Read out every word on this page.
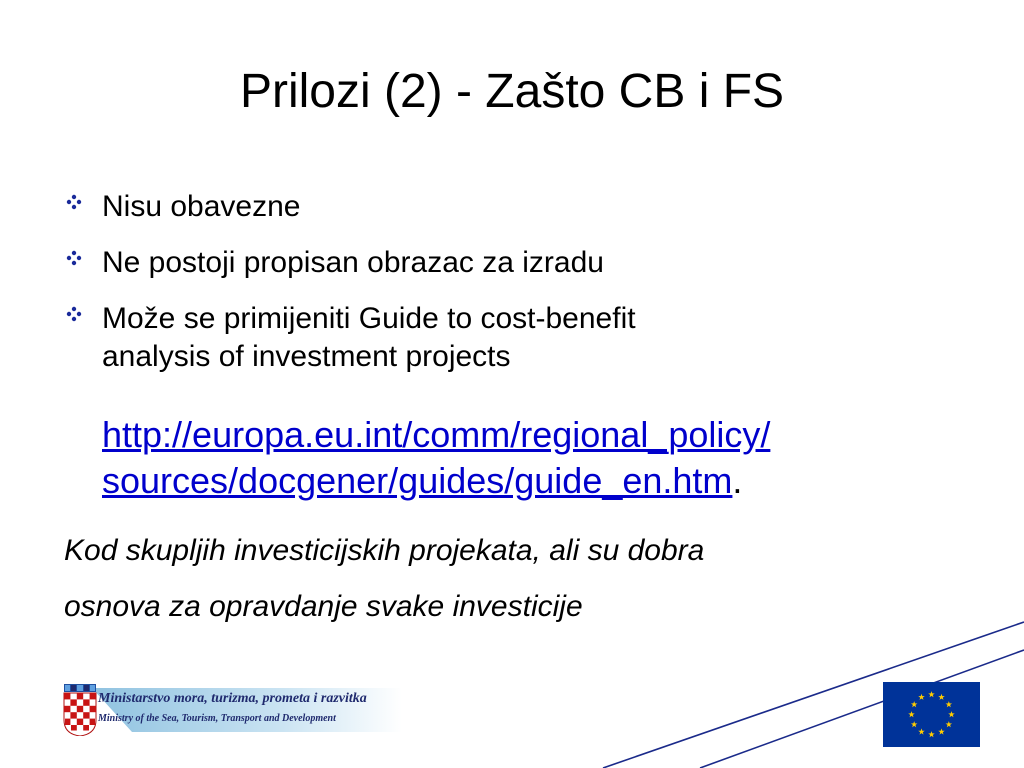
Prilozi (2) - Zašto CB i FS
Nisu obavezne
Ne postoji propisan obrazac za izradu
Može se primijeniti Guide to cost-benefit
analysis of investment projects
http://europa.eu.int/comm/regional_policy/
sources/docgener/guides/guide_en.htm.
Kod skupljih investicijskih projekata, ali su dobra
osnova za opravdanje svake investicije
Ministarstvo mora, turizma, prometa i razvitka
Ministry of the Sea, Tourism, Transport and Development
